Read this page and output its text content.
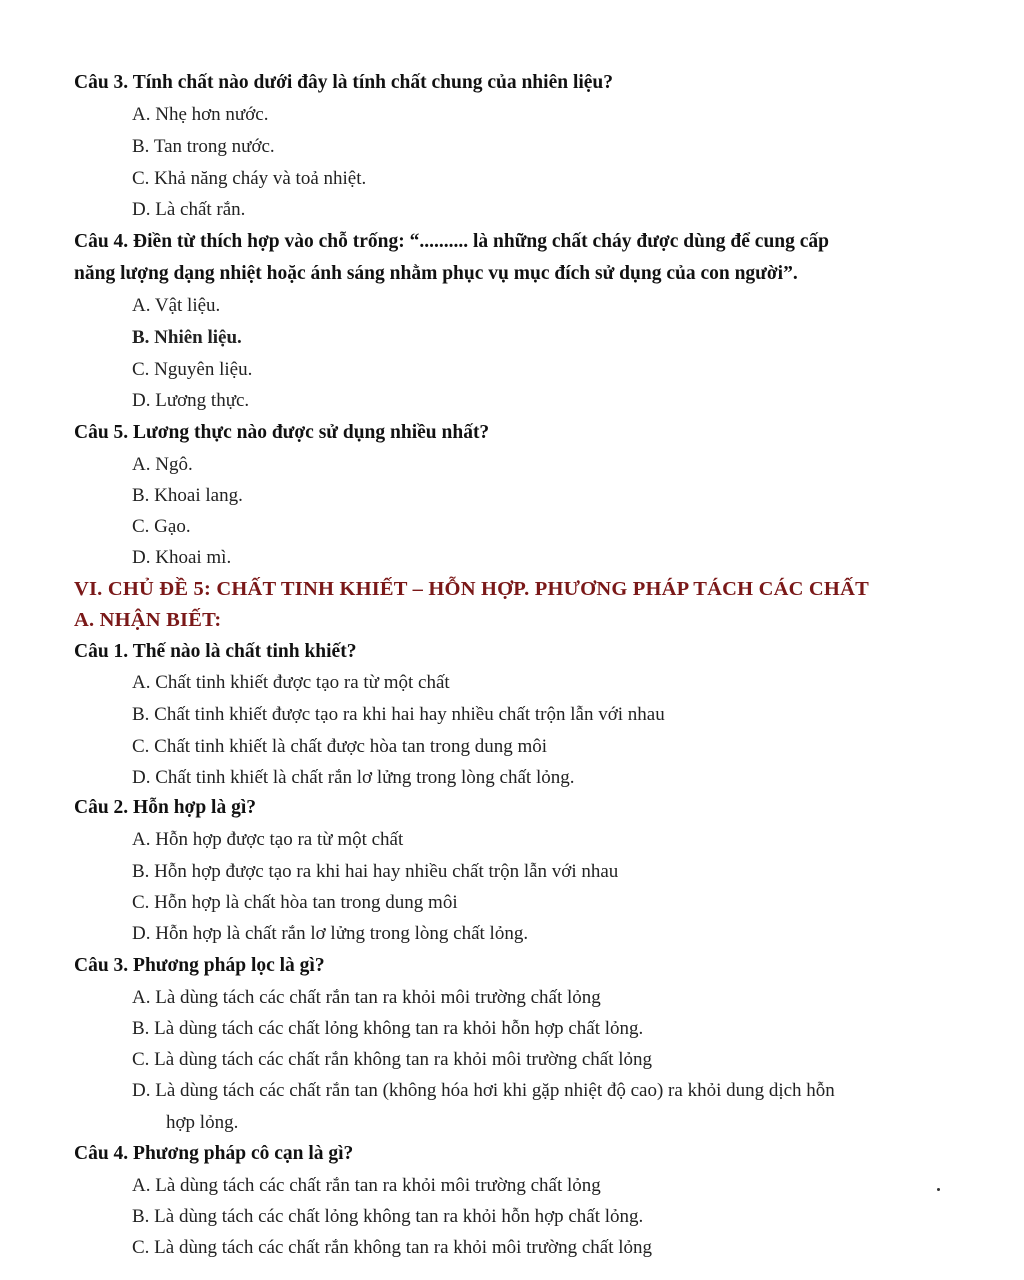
Câu 3. Tính chất nào dưới đây là tính chất chung của nhiên liệu?
A. Nhẹ hơn nước.
B. Tan trong nước.
C. Khả năng cháy và toả nhiệt.
D. Là chất rắn.
Câu 4. Điền từ thích hợp vào chỗ trống: “.......... là những chất cháy được dùng để cung cấp
năng lượng dạng nhiệt hoặc ánh sáng nhằm phục vụ mục đích sử dụng của con người”.
A. Vật liệu.
B. Nhiên liệu.
C. Nguyên liệu.
D. Lương thực.
Câu 5. Lương thực nào được sử dụng nhiều nhất?
A. Ngô.
B. Khoai lang.
C. Gạo.
D. Khoai mì.
VI. CHỦ ĐỀ 5: CHẤT TINH KHIẾT – HỖN HỢP. PHƯƠNG PHÁP TÁCH CÁC CHẤT
A. NHẬN BIẾT:
Câu 1. Thế nào là chất tinh khiết?
A. Chất tinh khiết được tạo ra từ một chất
B. Chất tinh khiết được tạo ra khi hai hay nhiều chất trộn lẫn với nhau
C. Chất tinh khiết là chất được hòa tan trong dung môi
D. Chất tinh khiết là chất rắn lơ lửng trong lòng chất lỏng.
Câu 2. Hỗn hợp là gì?
A. Hỗn hợp được tạo ra từ một chất
B. Hỗn hợp được tạo ra khi hai hay nhiều chất trộn lẫn với nhau
C. Hỗn hợp là chất hòa tan trong dung môi
D. Hỗn hợp là chất rắn lơ lửng trong lòng chất lỏng.
Câu 3. Phương pháp lọc là gì?
A. Là dùng tách các chất rắn tan ra khỏi môi trường chất lỏng
B. Là dùng tách các chất lỏng không tan ra khỏi hỗn hợp chất lỏng.
C. Là dùng tách các chất rắn không tan ra khỏi môi trường chất lỏng
D. Là dùng tách các chất rắn tan (không hóa hơi khi gặp nhiệt độ cao) ra khỏi dung dịch hỗn
hợp lỏng.
Câu 4. Phương pháp cô cạn là gì?
A. Là dùng tách các chất rắn tan ra khỏi môi trường chất lỏng
B. Là dùng tách các chất lỏng không tan ra khỏi hỗn hợp chất lỏng.
C. Là dùng tách các chất rắn không tan ra khỏi môi trường chất lỏng
